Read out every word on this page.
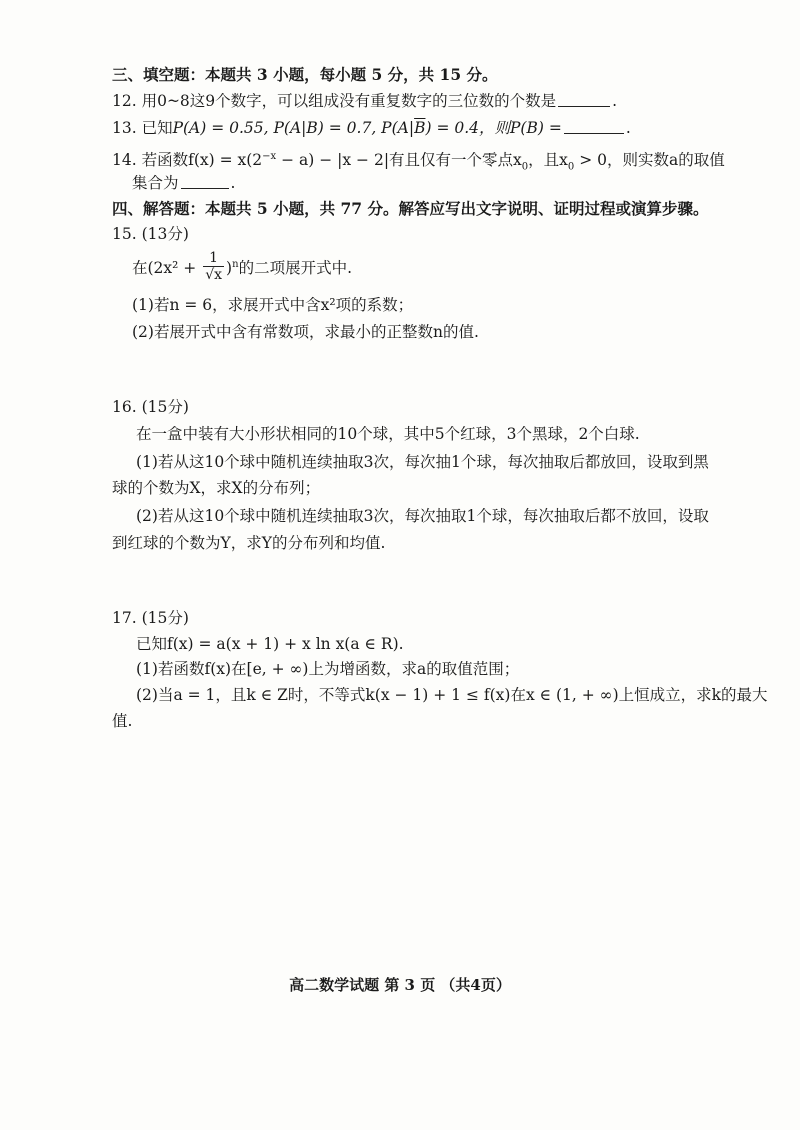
三、填空题：本题共 3 小题，每小题 5 分，共 15 分。
12. 用0~8这9个数字，可以组成没有重复数字的三位数的个数是	.
13. 已知P(A) = 0.55, P(A|B) = 0.7, $P(A|\overline{B}) = 0.4$，则P(B) =	.
14. 若函数$f(x) = x(2^{-x} - a) - |x - 2|$有且仅有一个零点$x_0$，且$x_0 > 0$，则实数a的取值
集合为	.
四、解答题：本题共 5 小题，共 77 分。解答应写出文字说明、证明过程或演算步骤。
15. (13分)
在$(2x^2 + \frac{1}{√x} )^n$的二项展开式中.
(1)若n = 6，求展开式中含x²项的系数；
(2)若展开式中含有常数项，求最小的正整数n的值.
16. (15分)
在一盒中装有大小形状相同的10个球，其中5个红球，3个黑球，2个白球.
(1)若从这10个球中随机连续抽取3次，每次抽1个球，每次抽取后都放回，设取到黑
球的个数为X，求X的分布列；
(2)若从这10个球中随机连续抽取3次，每次抽取1个球，每次抽取后都不放回，设取
到红球的个数为Y，求Y的分布列和均值.
17. (15分)
已知f(x) = a(x + 1) + x ln x(a ∈ R).
(1)若函数f(x)在[e, + ∞)上为增函数，求a的取值范围；
(2)当a = 1，且k ∈ Z时，不等式k(x − 1) + 1 ≤ f(x)在x ∈ (1, + ∞)上恒成立，求k的最大
值.
高二数学试题 第 3 页 （共4页）
